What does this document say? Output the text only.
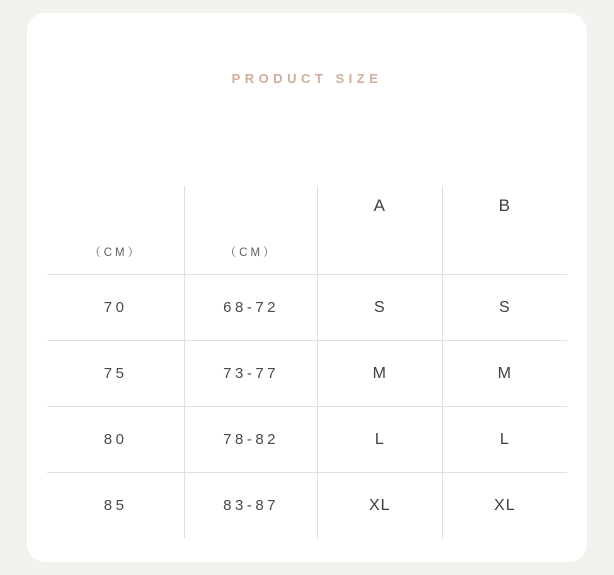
PRODUCT SIZE
（CM）	（CM）	A	B

70	68-72	S	S
75	73-77	M	M
80	78-82	L	L
85	83-87	XL	XL
